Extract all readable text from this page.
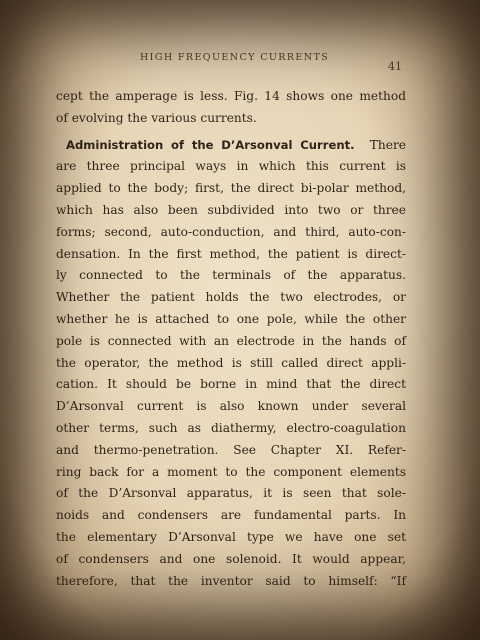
HIGH FREQUENCY CURRENTS
41
cept the amperage is less. Fig. 14 shows one method
of evolving the various currents.
Administration of the D’Arsonval Current. There
are three principal ways in which this current is
applied to the body; first, the direct bi-polar method,
which has also been subdivided into two or three
forms; second, auto-conduction, and third, auto-con-
densation. In the first method, the patient is direct-
ly connected to the terminals of the apparatus.
Whether the patient holds the two electrodes, or
whether he is attached to one pole, while the other
pole is connected with an electrode in the hands of
the operator, the method is still called direct appli-
cation. It should be borne in mind that the direct
D’Arsonval current is also known under several
other terms, such as diathermy, electro-coagulation
and thermo-penetration. See Chapter XI. Refer-
ring back for a moment to the component elements
of the D’Arsonval apparatus, it is seen that sole-
noids and condensers are fundamental parts. In
the elementary D’Arsonval type we have one set
of condensers and one solenoid. It would appear,
therefore, that the inventor said to himself: “If
